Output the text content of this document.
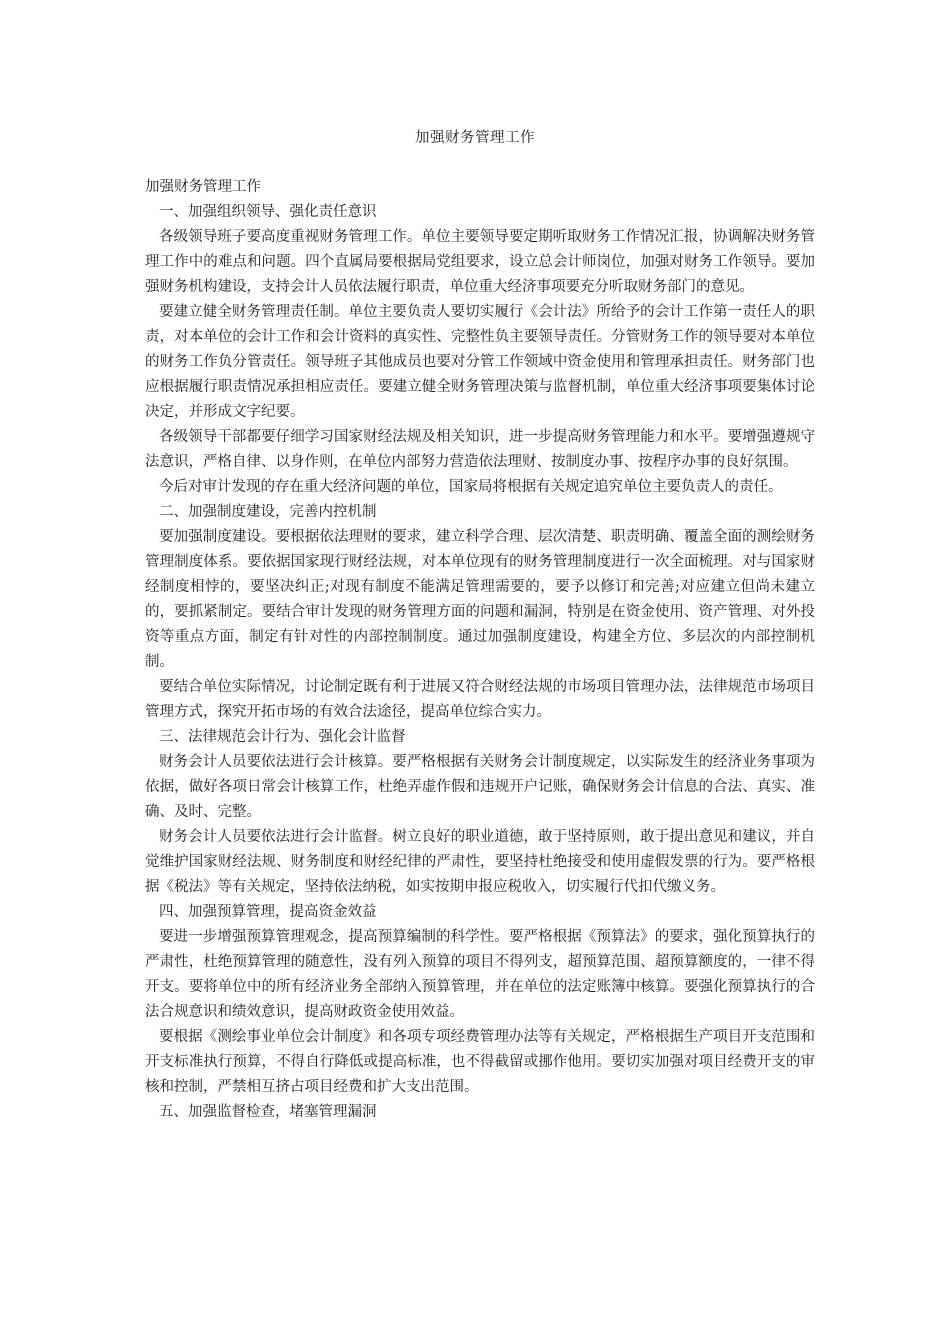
加强财务管理工作

加强财务管理工作

一、加强组织领导、强化责任意识

各级领导班子要高度重视财务管理工作。单位主要领导要定期听取财务工作情况汇报，协调解决财务管理工作中的难点和问题。四个直属局要根据局党组要求，设立总会计师岗位，加强对财务工作领导。要加强财务机构建设，支持会计人员依法履行职责，单位重大经济事项要充分听取财务部门的意见。

要建立健全财务管理责任制。单位主要负责人要切实履行《会计法》所给予的会计工作第一责任人的职责，对本单位的会计工作和会计资料的真实性、完整性负主要领导责任。分管财务工作的领导要对本单位的财务工作负分管责任。领导班子其他成员也要对分管工作领域中资金使用和管理承担责任。财务部门也应根据履行职责情况承担相应责任。要建立健全财务管理决策与监督机制，单位重大经济事项要集体讨论决定，并形成文字纪要。

各级领导干部都要仔细学习国家财经法规及相关知识，进一步提高财务管理能力和水平。要增强遵规守法意识，严格自律、以身作则，在单位内部努力营造依法理财、按制度办事、按程序办事的良好氛围。

今后对审计发现的存在重大经济问题的单位，国家局将根据有关规定追究单位主要负责人的责任。

二、加强制度建设，完善内控机制

要加强制度建设。要根据依法理财的要求，建立科学合理、层次清楚、职责明确、覆盖全面的测绘财务管理制度体系。要依据国家现行财经法规，对本单位现有的财务管理制度进行一次全面梳理。对与国家财经制度相悖的，要坚决纠正;对现有制度不能满足管理需要的，要予以修订和完善;对应建立但尚未建立的，要抓紧制定。要结合审计发现的财务管理方面的问题和漏洞，特别是在资金使用、资产管理、对外投资等重点方面，制定有针对性的内部控制制度。通过加强制度建设，构建全方位、多层次的内部控制机制。

要结合单位实际情况，讨论制定既有利于进展又符合财经法规的市场项目管理办法，法律规范市场项目管理方式，探究开拓市场的有效合法途径，提高单位综合实力。

三、法律规范会计行为、强化会计监督

财务会计人员要依法进行会计核算。要严格根据有关财务会计制度规定，以实际发生的经济业务事项为依据，做好各项日常会计核算工作，杜绝弄虚作假和违规开户记账，确保财务会计信息的合法、真实、准确、及时、完整。

财务会计人员要依法进行会计监督。树立良好的职业道德，敢于坚持原则，敢于提出意见和建议，并自觉维护国家财经法规、财务制度和财经纪律的严肃性，要坚持杜绝接受和使用虚假发票的行为。要严格根据《税法》等有关规定，坚持依法纳税，如实按期申报应税收入，切实履行代扣代缴义务。

四、加强预算管理，提高资金效益

要进一步增强预算管理观念，提高预算编制的科学性。要严格根据《预算法》的要求，强化预算执行的严肃性，杜绝预算管理的随意性，没有列入预算的项目不得列支，超预算范围、超预算额度的，一律不得开支。要将单位中的所有经济业务全部纳入预算管理，并在单位的法定账簿中核算。要强化预算执行的合法合规意识和绩效意识，提高财政资金使用效益。

要根据《测绘事业单位会计制度》和各项专项经费管理办法等有关规定，严格根据生产项目开支范围和开支标准执行预算，不得自行降低或提高标准，也不得截留或挪作他用。要切实加强对项目经费开支的审核和控制，严禁相互挤占项目经费和扩大支出范围。

五、加强监督检查，堵塞管理漏洞
